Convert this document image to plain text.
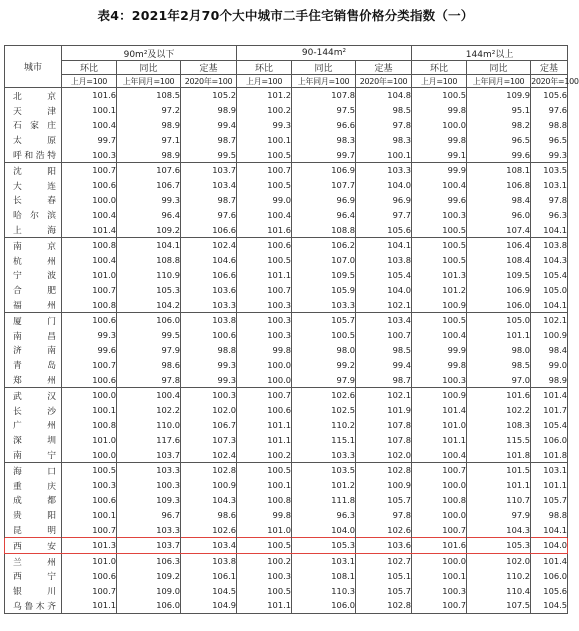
表4：2021年2月70个大中城市二手住宅销售价格分类指数（一）
城市	90m²及以下			90-144m²			144m²以上		
	环比	同比	定基	环比	同比	定基	环比	同比	定基
	上月=100	上年同月=100	2020年=100	上月=100	上年同月=100	2020年=100	上月=100	上年同月=100	2020年=100
北京	101.6	108.5	105.2	101.2	107.8	104.8	100.5	109.9	105.6
天津	100.1	97.2	98.9	100.2	97.5	98.5	99.8	95.1	97.6
石家庄	100.4	98.9	99.4	99.3	96.6	97.8	100.0	98.2	98.8
太原	99.7	97.1	98.7	100.1	98.3	98.3	99.8	96.5	96.5
呼和浩特	100.3	98.9	99.5	100.5	99.7	100.1	99.1	99.6	99.3
沈阳	100.7	107.6	103.7	100.7	106.9	103.3	99.9	108.1	103.5
大连	100.6	106.7	103.4	100.5	107.7	104.0	100.4	106.8	103.1
长春	100.0	99.3	98.7	99.0	96.9	96.9	99.6	98.4	97.8
哈尔滨	100.4	96.4	97.6	100.4	96.4	97.7	100.3	96.0	96.3
上海	101.4	109.2	106.6	101.6	108.8	105.6	100.5	107.4	104.1
南京	100.8	104.1	102.4	100.6	106.2	104.1	100.5	106.4	103.8
杭州	100.4	108.8	104.6	100.5	107.0	103.8	100.5	108.4	104.3
宁波	101.0	110.9	106.6	101.1	109.5	105.4	101.3	109.5	105.4
合肥	100.7	105.3	103.6	100.7	105.9	104.0	101.2	106.9	105.0
福州	100.8	104.2	103.3	100.3	103.3	102.1	100.9	106.0	104.1
厦门	100.6	106.0	103.8	100.3	105.7	103.4	100.5	105.0	102.1
南昌	99.3	99.5	100.6	100.3	100.5	100.7	100.4	101.1	100.9
济南	99.6	97.9	98.8	99.8	98.0	98.5	99.9	98.0	98.4
青岛	100.7	98.6	99.3	100.0	99.2	99.4	99.8	98.5	99.0
郑州	100.6	97.8	99.3	100.0	97.9	98.7	100.3	97.0	98.9
武汉	100.0	100.4	100.3	100.7	102.6	102.1	100.9	101.6	101.4
长沙	100.1	102.2	102.0	100.6	102.5	101.9	101.4	102.2	101.7
广州	100.8	110.0	106.7	101.1	110.2	107.8	101.0	108.3	105.4
深圳	101.0	117.6	107.3	101.1	115.1	107.8	101.1	115.5	106.0
南宁	100.0	103.7	102.4	100.2	103.3	102.0	100.4	101.8	101.8
海口	100.5	103.3	102.8	100.5	103.5	102.8	100.7	101.5	103.1
重庆	100.3	100.3	100.9	100.1	101.2	100.9	100.0	101.1	101.1
成都	100.6	109.3	104.3	100.8	111.8	105.7	100.8	110.7	105.7
贵阳	100.1	96.7	98.6	99.8	96.3	97.8	100.0	97.9	98.8
昆明	100.7	103.3	102.6	101.0	104.0	102.6	100.7	104.3	104.1
西安	101.3	103.7	103.4	100.5	105.3	103.6	101.6	105.3	104.0
兰州	101.0	106.3	103.8	100.2	103.1	102.7	100.0	102.0	101.4
西宁	100.6	109.2	106.1	100.3	108.1	105.1	100.1	110.2	106.0
银川	100.7	109.0	104.5	100.5	110.3	105.7	100.3	110.4	105.6
乌鲁木齐	101.1	106.0	104.9	101.1	106.0	102.8	100.7	107.5	104.5
